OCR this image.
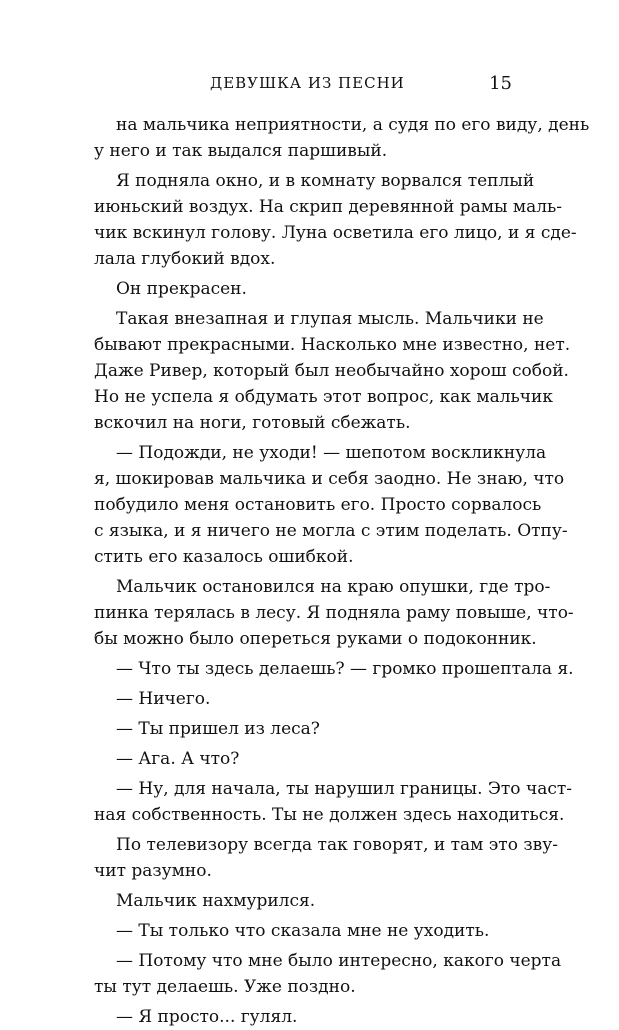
ДЕВУШКА ИЗ ПЕСНИ	15
на мальчика неприятности, а судя по его виду, день
у него и так выдался паршивый.
Я подняла окно, и в комнату ворвался теплый
июньский воздух. На скрип деревянной рамы маль-
чик вскинул голову. Луна осветила его лицо, и я сде-
лала глубокий вдох.
Он прекрасен.
Такая внезапная и глупая мысль. Мальчики не
бывают прекрасными. Насколько мне известно, нет.
Даже Ривер, который был необычайно хорош собой.
Но не успела я обдумать этот вопрос, как мальчик
вскочил на ноги, готовый сбежать.
— Подожди, не уходи! — шепотом воскликнула
я, шокировав мальчика и себя заодно. Не знаю, что
побудило меня остановить его. Просто сорвалось
с языка, и я ничего не могла с этим поделать. Отпу-
стить его казалось ошибкой.
Мальчик остановился на краю опушки, где тро-
пинка терялась в лесу. Я подняла раму повыше, что-
бы можно было опереться руками о подоконник.
— Что ты здесь делаешь? — громко прошептала я.
— Ничего.
— Ты пришел из леса?
— Ага. А что?
— Ну, для начала, ты нарушил границы. Это част-
ная собственность. Ты не должен здесь находиться.
По телевизору всегда так говорят, и там это зву-
чит разумно.
Мальчик нахмурился.
— Ты только что сказала мне не уходить.
— Потому что мне было интересно, какого черта
ты тут делаешь. Уже поздно.
— Я просто... гулял.
